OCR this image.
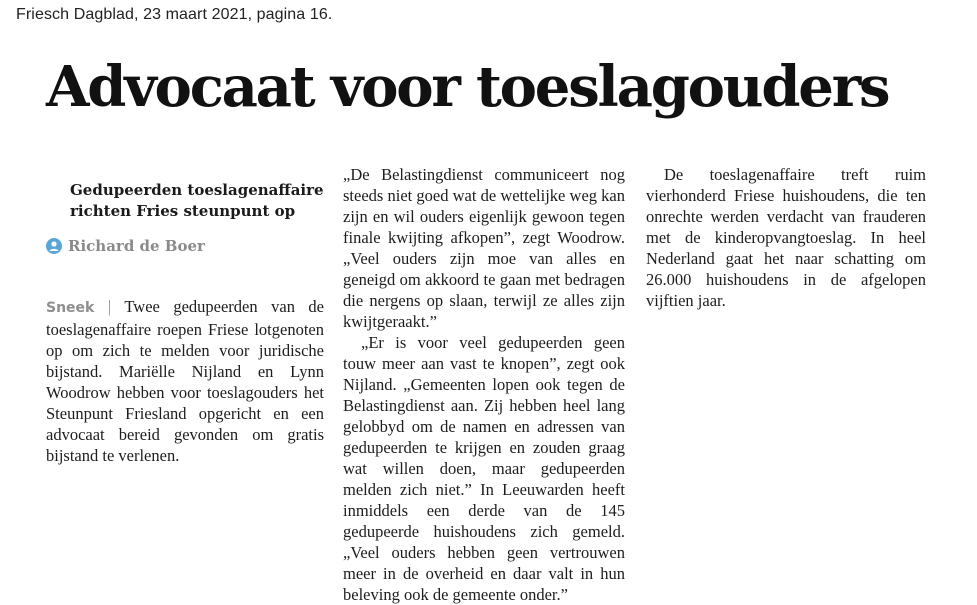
Friesch Dagblad, 23 maart 2021, pagina 16.
Advocaat voor toeslagouders

Gedupeerden toeslagenaffaire richten Fries steunpunt op

Richard de Boer

Sneek | Twee gedupeerden van de toeslagenaffaire roepen Friese lotgenoten op om zich te melden voor juridische bijstand. Mariëlle Nijland en Lynn Woodrow hebben voor toeslagouders het Steunpunt Friesland opgericht en een advocaat bereid gevonden om gratis bijstand te verlenen.

„De Belastingdienst communiceert nog steeds niet goed wat de wettelijke weg kan zijn en wil ouders eigenlijk gewoon tegen finale kwijting afkopen”, zegt Woodrow. „Veel ouders zijn moe van alles en geneigd om akkoord te gaan met bedragen die nergens op slaan, terwijl ze alles zijn kwijtgeraakt.”

„Er is voor veel gedupeerden geen touw meer aan vast te knopen”, zegt ook Nijland. „Gemeenten lopen ook tegen de Belastingdienst aan. Zij hebben heel lang gelobbyd om de namen en adressen van gedupeerden te krijgen en zouden graag wat willen doen, maar gedupeerden melden zich niet.” In Leeuwarden heeft inmiddels een derde van de 145 gedupeerde huishoudens zich gemeld. „Veel ouders hebben geen vertrouwen meer in de overheid en daar valt in hun beleving ook de gemeente onder.”

De toeslagenaffaire treft ruim vierhonderd Friese huishoudens, die ten onrechte werden verdacht van frauderen met de kinderopvangtoeslag. In heel Nederland gaat het naar schatting om 26.000 huishoudens in de afgelopen vijftien jaar.
